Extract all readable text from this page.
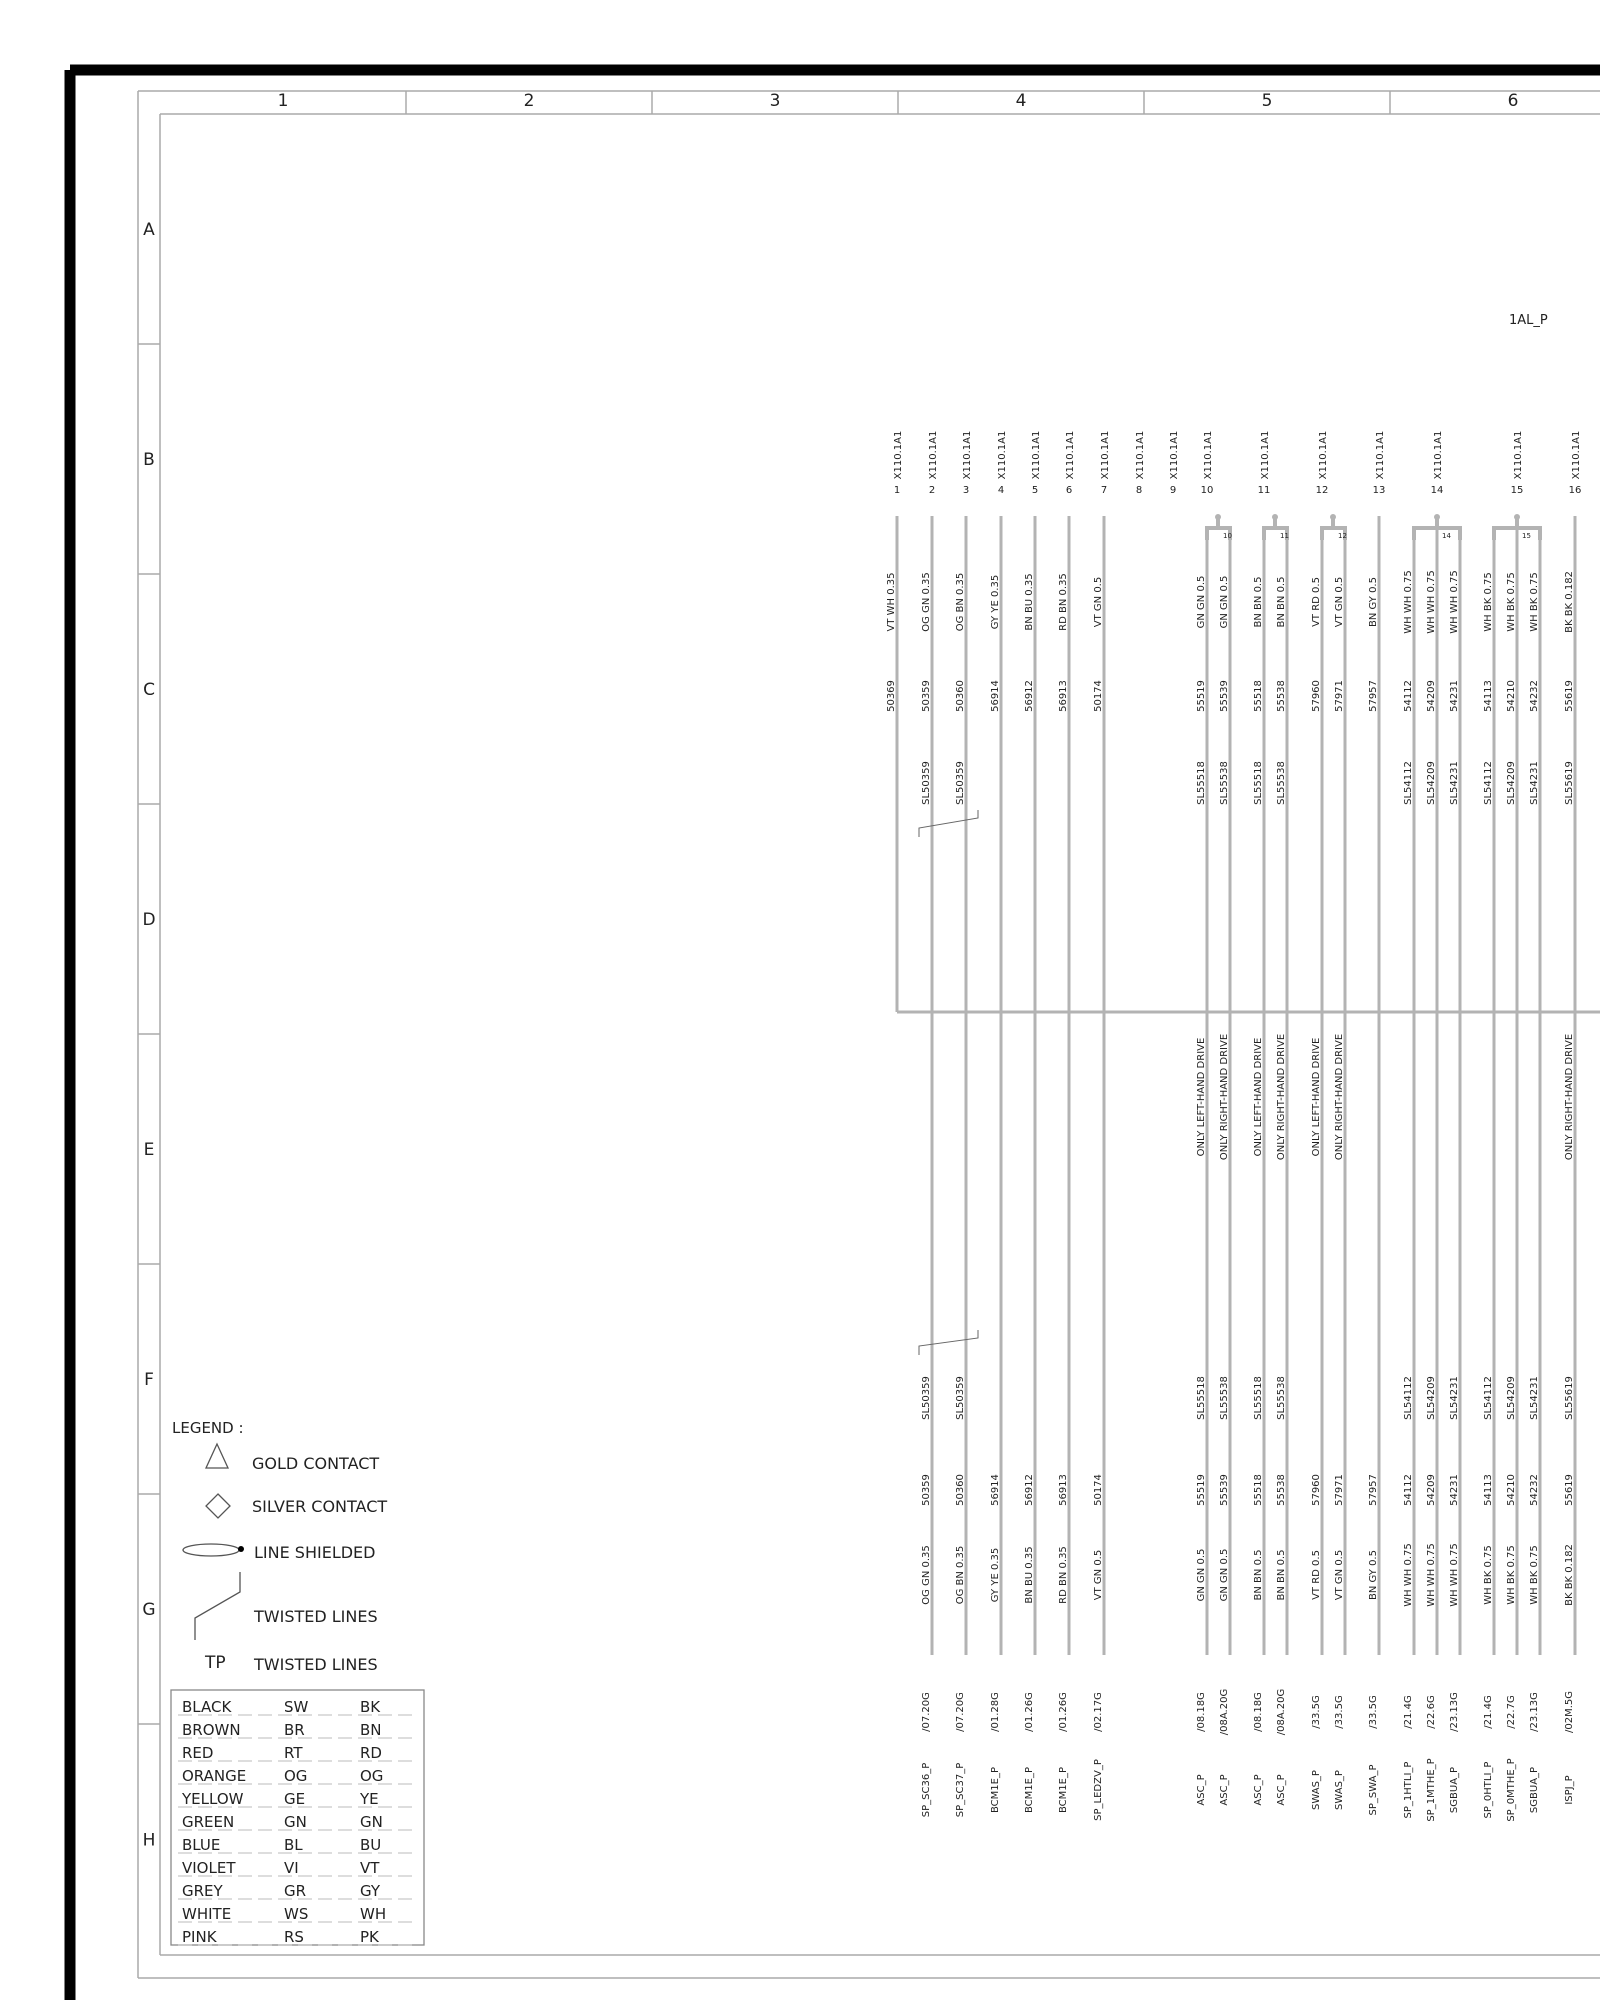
1	2	3	4	5	6
A
B
C
D
E
F
G
H
1AL_P
10	11	12	14	15
X110.1A1
1
VT WH 0.35
50369
X110.1A1
2
OG GN 0.35
50359
SL50359
SL50359
50359
OG GN 0.35
/07.20G
SP_SC36_P
X110.1A1
3
OG BN 0.35
50360
SL50359
SL50359
50360
OG BN 0.35
/07.20G
SP_SC37_P
X110.1A1
4
GY YE 0.35
56914
56914
GY YE 0.35
/01.28G
BCM1E_P
X110.1A1
5
BN BU 0.35
56912
56912
BN BU 0.35
/01.26G
BCM1E_P
X110.1A1
6
RD BN 0.35
56913
56913
RD BN 0.35
/01.26G
BCM1E_P
X110.1A1
7
VT GN 0.5
50174
50174
VT GN 0.5
/02.17G
SP_LEDZV_P
X110.1A1
8
X110.1A1
9
X110.1A1
10
GN GN 0.5
55519
SL55518
ONLY LEFT-HAND DRIVE
SL55518
55519
GN GN 0.5
/08.18G
ASC_P
GN GN 0.5
55539
SL55538
ONLY RIGHT-HAND DRIVE
SL55538
55539
GN GN 0.5
/08A.20G
ASC_P
X110.1A1
11
BN BN 0.5
55518
SL55518
ONLY LEFT-HAND DRIVE
SL55518
55518
BN BN 0.5
/08.18G
ASC_P
BN BN 0.5
55538
SL55538
ONLY RIGHT-HAND DRIVE
SL55538
55538
BN BN 0.5
/08A.20G
ASC_P
X110.1A1
12
VT RD 0.5
57960
ONLY LEFT-HAND DRIVE
57960
VT RD 0.5
/33.5G
SWAS_P
VT GN 0.5
57971
ONLY RIGHT-HAND DRIVE
57971
VT GN 0.5
/33.5G
SWAS_P
X110.1A1
13
BN GY 0.5
57957
57957
BN GY 0.5
/33.5G
SP_SWA_P
WH WH 0.75
54112
SL54112
SL54112
54112
WH WH 0.75
/21.4G
SP_1HTLI_P
X110.1A1
14
WH WH 0.75
54209
SL54209
SL54209
54209
WH WH 0.75
/22.6G
SP_1MTHE_P
WH WH 0.75
54231
SL54231
SL54231
54231
WH WH 0.75
/23.13G
SGBUA_P
WH BK 0.75
54113
SL54112
SL54112
54113
WH BK 0.75
/21.4G
SP_0HTLI_P
X110.1A1
15
WH BK 0.75
54210
SL54209
SL54209
54210
WH BK 0.75
/22.7G
SP_0MTHE_P
WH BK 0.75
54232
SL54231
SL54231
54232
WH BK 0.75
/23.13G
SGBUA_P
X110.1A1
16
BK BK 0.182
55619
SL55619
ONLY RIGHT-HAND DRIVE
SL55619
55619
BK BK 0.182
/02M.5G
ISPJ_P
LEGEND :
GOLD CONTACT
SILVER CONTACT
LINE SHIELDED
TWISTED LINES
TP TWISTED LINES
BLACK	SW	BK
BROWN	BR	BN
RED	RT	RD
ORANGE	OG	OG
YELLOW	GE	YE
GREEN	GN	GN
BLUE	BL	BU
VIOLET	VI	VT
GREY	GR	GY
WHITE	WS	WH
PINK	RS	PK
